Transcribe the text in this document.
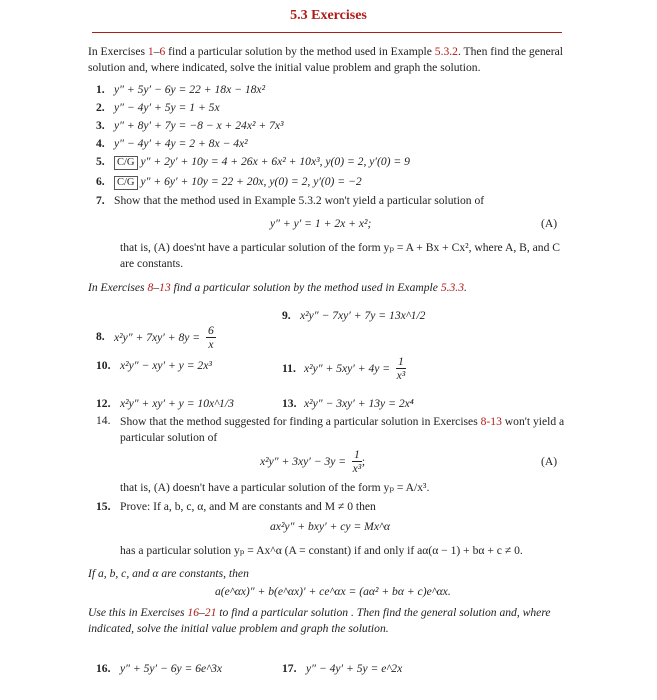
5.3 Exercises
In Exercises 1–6 find a particular solution by the method used in Example 5.3.2. Then find the general solution and, where indicated, solve the initial value problem and graph the solution.
1. y″ + 5y′ − 6y = 22 + 18x − 18x²
2. y″ − 4y′ + 5y = 1 + 5x
3. y″ + 8y′ + 7y = −8 − x + 24x² + 7x³
4. y″ − 4y′ + 4y = 2 + 8x − 4x²
5. C/G y″ + 2y′ + 10y = 4 + 26x + 6x² + 10x³, y(0) = 2, y′(0) = 9
6. C/G y″ + 6y′ + 10y = 22 + 20x, y(0) = 2, y′(0) = −2
7. Show that the method used in Example 5.3.2 won't yield a particular solution of
y″ + y′ = 1 + 2x + x²;	(A)
that is, (A) does'nt have a particular solution of the form yₚ = A + Bx + Cx², where A, B, and C are constants.
In Exercises 8–13 find a particular solution by the method used in Example 5.3.3.
9. x²y″ − 7xy′ + 7y = 13x^1/2
8. $x^2y'' + 7xy' + 8y = \frac{6}{x}$
10. x²y″ − xy′ + y = 2x³	11. $x^2y'' + 5xy' + 4y = \frac{1}{\text{x³}}$
12. x²y″ + xy′ + y = 10x^1/3	13. x²y″ − 3xy′ + 13y = 2x⁴
14. Show that the method suggested for finding a particular solution in Exercises 8-13 won't yield a particular solution of
$x^2y'' + 3xy' - 3y = \frac{1}{\text{x³}}$ ;	(A)
that is, (A) doesn't have a particular solution of the form yₚ = A/x³.
15. Prove: If a, b, c, α, and M are constants and M ≠ 0 then
ax²y″ + bxy′ + cy = Mx^α
has a particular solution yₚ = Ax^α (A = constant) if and only if aα(α − 1) + bα + c ≠ 0.
If a, b, c, and α are constants, then
a(e^αx)″ + b(e^αx)′ + ce^αx = (aα² + bα + c)e^αx.
Use this in Exercises 16–21 to find a particular solution . Then find the general solution and, where indicated, solve the initial value problem and graph the solution.
16. y″ + 5y′ − 6y = 6e^3x	17. y″ − 4y′ + 5y = e^2x
